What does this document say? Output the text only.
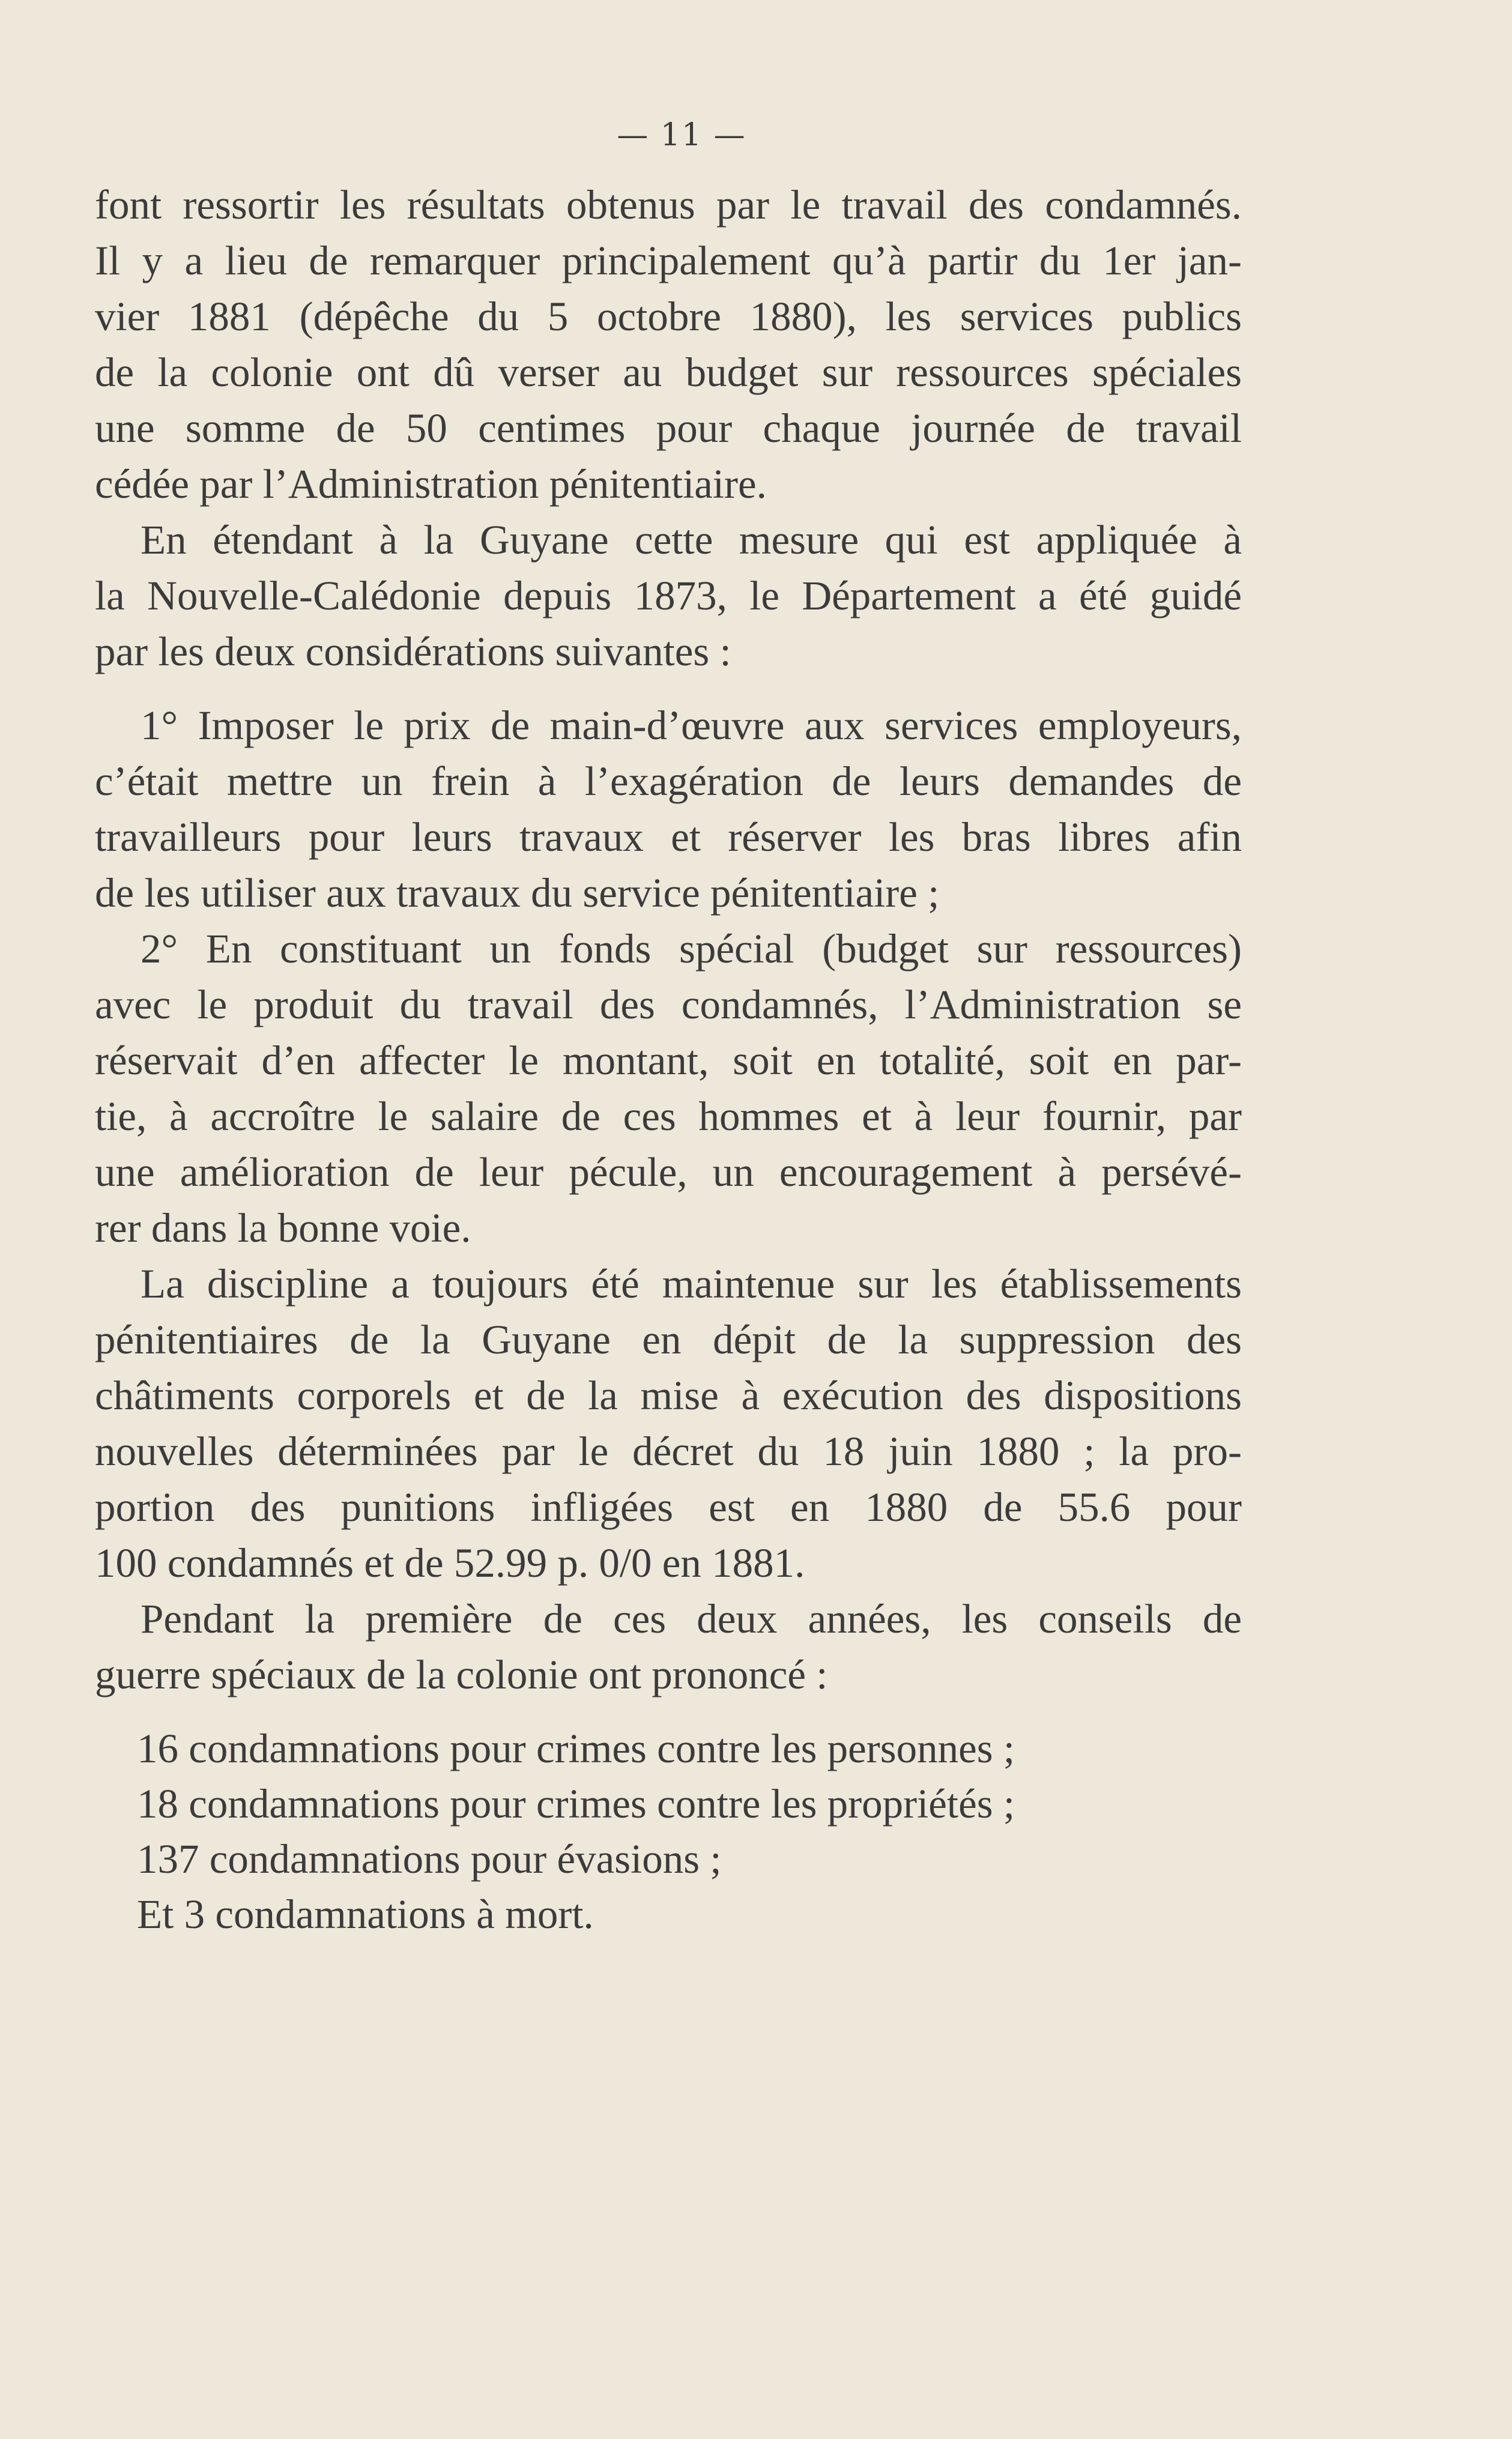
— 11 —
font ressortir les résultats obtenus par le travail des condamnés.
Il y a lieu de remarquer principalement qu’à partir du 1er jan-
vier 1881 (dépêche du 5 octobre 1880), les services publics
de la colonie ont dû verser au budget sur ressources spéciales
une somme de 50 centimes pour chaque journée de travail
cédée par l’Administration pénitentiaire.
En étendant à la Guyane cette mesure qui est appliquée à
la Nouvelle-Calédonie depuis 1873, le Département a été guidé
par les deux considérations suivantes :
1° Imposer le prix de main-d’œuvre aux services employeurs,
c’était mettre un frein à l’exagération de leurs demandes de
travailleurs pour leurs travaux et réserver les bras libres afin
de les utiliser aux travaux du service pénitentiaire ;
2° En constituant un fonds spécial (budget sur ressources)
avec le produit du travail des condamnés, l’Administration se
réservait d’en affecter le montant, soit en totalité, soit en par-
tie, à accroître le salaire de ces hommes et à leur fournir, par
une amélioration de leur pécule, un encouragement à persévé-
rer dans la bonne voie.
La discipline a toujours été maintenue sur les établissements
pénitentiaires de la Guyane en dépit de la suppression des
châtiments corporels et de la mise à exécution des dispositions
nouvelles déterminées par le décret du 18 juin 1880 ; la pro-
portion des punitions infligées est en 1880 de 55.6 pour
100 condamnés et de 52.99 p. 0/0 en 1881.
Pendant la première de ces deux années, les conseils de
guerre spéciaux de la colonie ont prononcé :
16 condamnations pour crimes contre les personnes ;
18 condamnations pour crimes contre les propriétés ;
137 condamnations pour évasions ;
Et 3 condamnations à mort.
